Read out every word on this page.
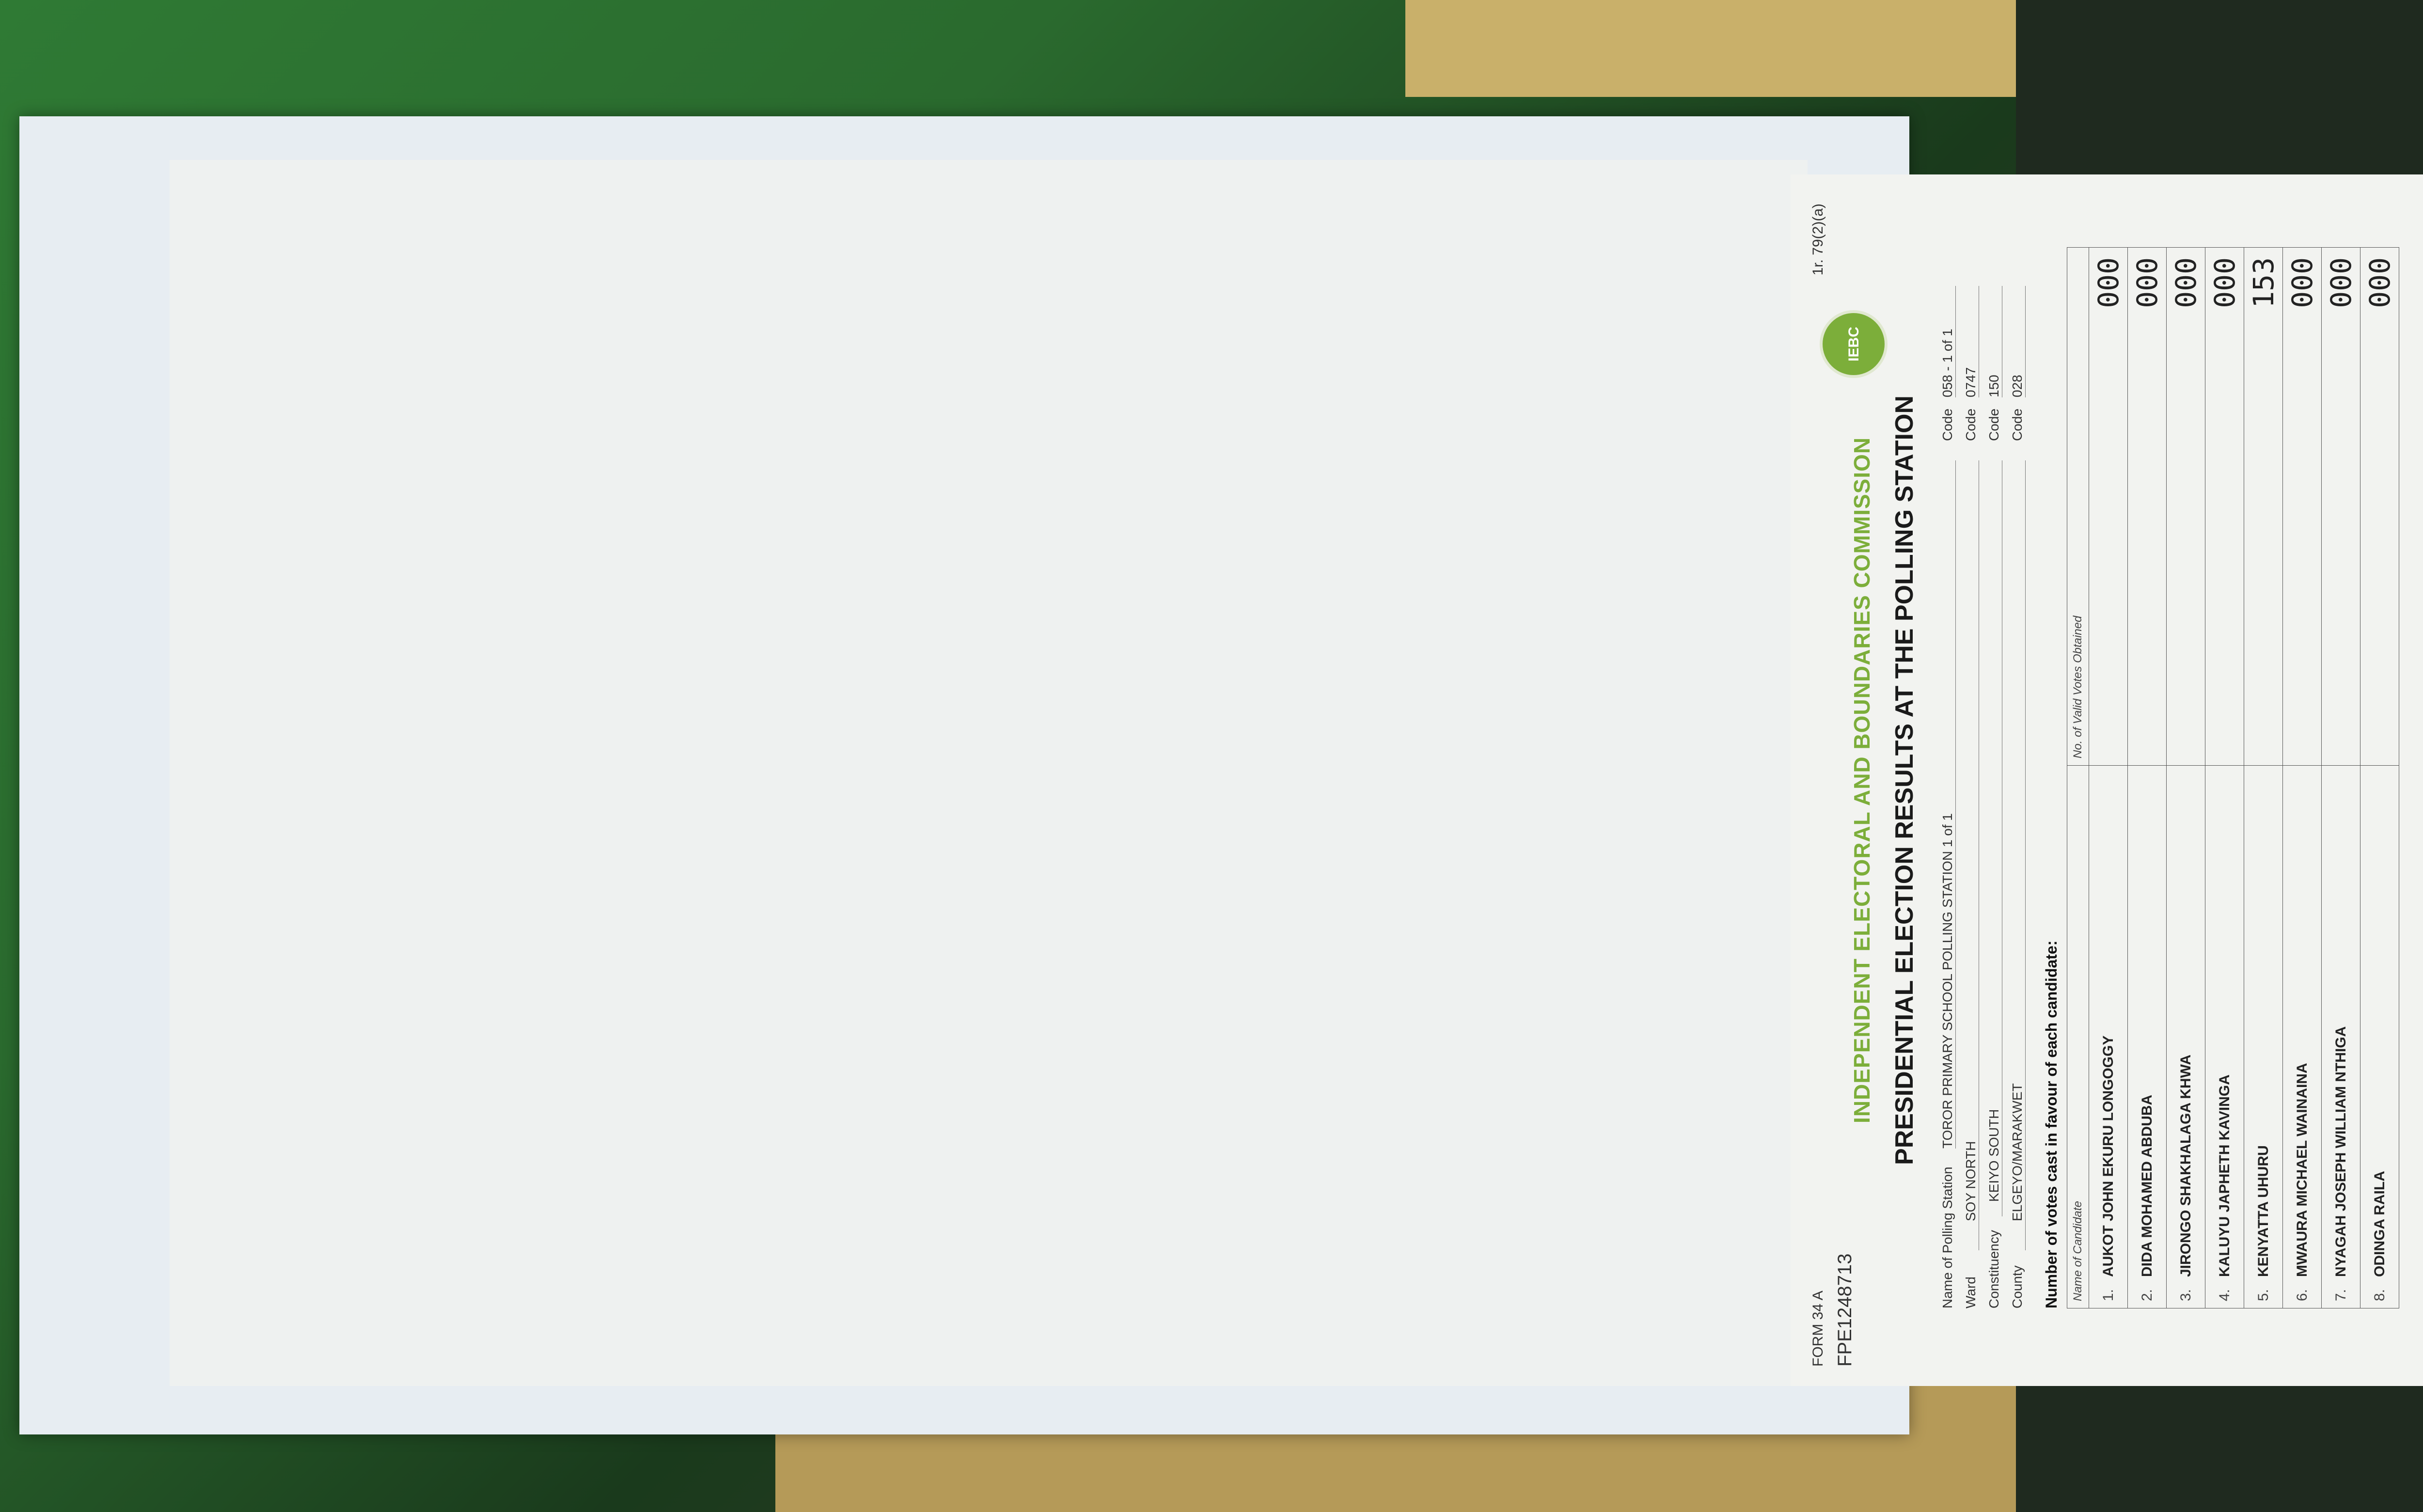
FORM 34 A
1r. 79(2)(a)
FPE1248713
INDEPENDENT ELECTORAL AND BOUNDARIES COMMISSION
IEBC
PRESIDENTIAL ELECTION RESULTS AT THE POLLING STATION
Name of Polling Station
TOROR PRIMARY SCHOOL POLLING STATION 1 of 1
Code
058 - 1 of 1
Ward
SOY NORTH
Code
0747
Constituency
KEIYO SOUTH
Code
150
County
ELGEYO/MARAKWET
Code
028
Number of votes cast in favour of each candidate: Name of Candidate	No. of Valid Votes Obtained
1.AUKOT JOHN EKURU LONGOGGY	000
2.DIDA MOHAMED ABDUBA	000
3.JIRONGO SHAKHALAGA KHWA	000
4.KALUYU JAPHETH KAVINGA	000
5.KENYATTA UHURU	153
6.MWAURA MICHAEL WAINAINA	000
7.NYAGAH JOSEPH WILLIAM NTHIGA	000
8.ODINGA RAILA	000
